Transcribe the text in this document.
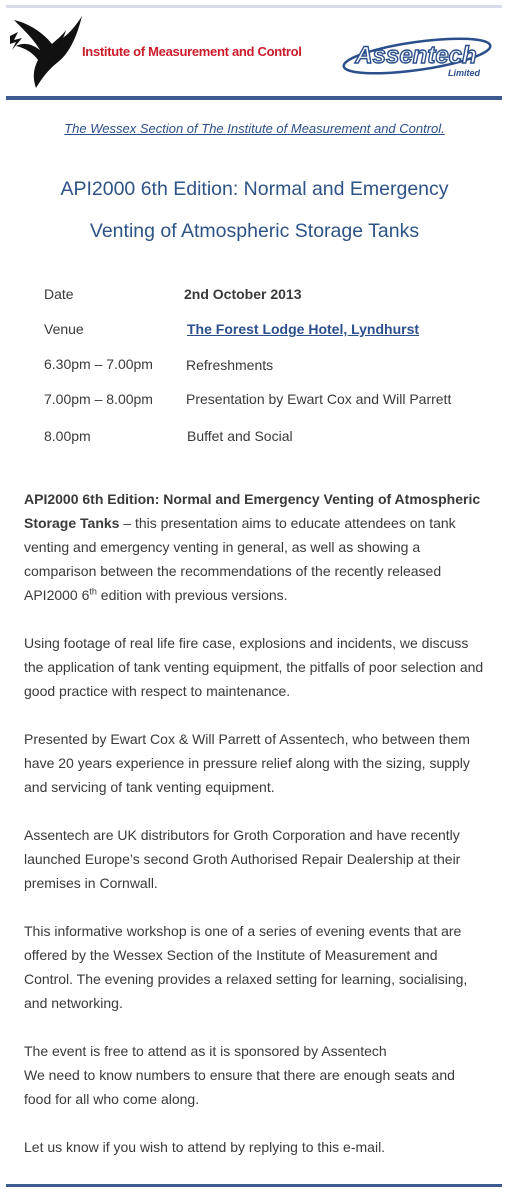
Institute of Measurement and Control Assentech
Limited
The Wessex Section of The Institute of Measurement and Control.
API2000 6th Edition: Normal and Emergency
Venting of Atmospheric Storage Tanks
Date	2nd October 2013
Venue	The Forest Lodge Hotel, Lyndhurst
6.30pm – 7.00pm Refreshments
7.00pm – 8.00pm Presentation by Ewart Cox and Will Parrett
8.00pm	Buffet and Social

API2000 6th Edition: Normal and Emergency Venting of Atmospheric Storage Tanks – this presentation aims to educate attendees on tank venting and emergency venting in general, as well as showing a comparison between the recommendations of the recently released API2000 6th edition with previous versions.

Using footage of real life fire case, explosions and incidents, we discuss the application of tank venting equipment, the pitfalls of poor selection and good practice with respect to maintenance.

Presented by Ewart Cox & Will Parrett of Assentech, who between them have 20 years experience in pressure relief along with the sizing, supply and servicing of tank venting equipment.

Assentech are UK distributors for Groth Corporation and have recently launched Europe’s second Groth Authorised Repair Dealership at their premises in Cornwall.

This informative workshop is one of a series of evening events that are offered by the Wessex Section of the Institute of Measurement and Control. The evening provides a relaxed setting for learning, socialising, and networking.

The event is free to attend as it is sponsored by Assentech
We need to know numbers to ensure that there are enough seats and food for all who come along.

Let us know if you wish to attend by replying to this e-mail.
